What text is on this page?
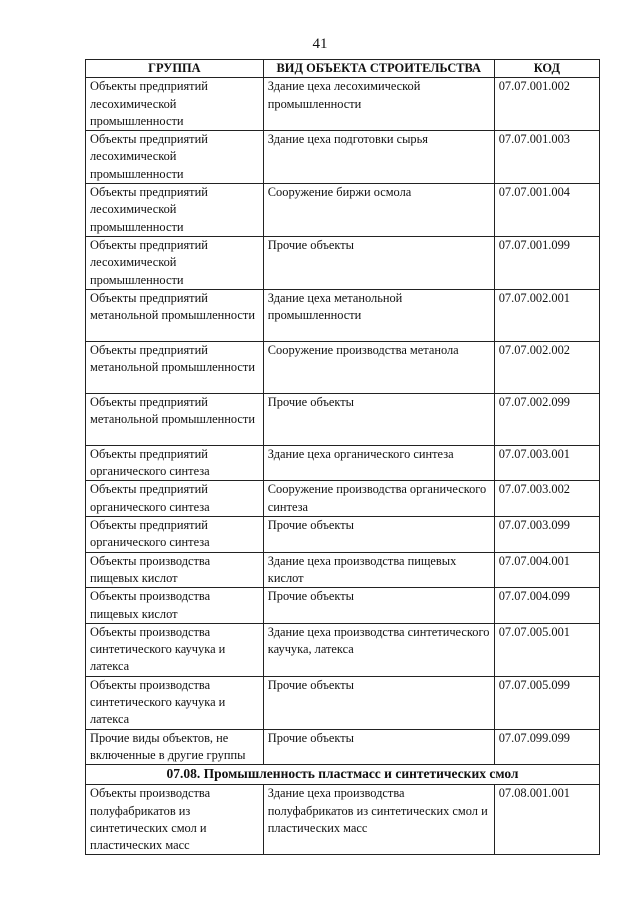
41
ГРУППА	ВИД ОБЪЕКТА СТРОИТЕЛЬСТВА	КОД
Объекты предприятий лесохимической промышленности	Здание цеха лесохимической промышленности	07.07.001.002
Объекты предприятий лесохимической промышленности	Здание цеха подготовки сырья	07.07.001.003
Объекты предприятий лесохимической промышленности	Сооружение биржи осмола	07.07.001.004
Объекты предприятий лесохимической промышленности	Прочие объекты	07.07.001.099
Объекты предприятий метанольной промышленности	Здание цеха метанольной промышленности	07.07.002.001
Объекты предприятий метанольной промышленности	Сооружение производства метанола	07.07.002.002
Объекты предприятий метанольной промышленности	Прочие объекты	07.07.002.099
Объекты предприятий органического синтеза	Здание цеха органического синтеза	07.07.003.001
Объекты предприятий органического синтеза	Сооружение производства органического синтеза	07.07.003.002
Объекты предприятий органического синтеза	Прочие объекты	07.07.003.099
Объекты производства пищевых кислот	Здание цеха производства пищевых кислот	07.07.004.001
Объекты производства пищевых кислот	Прочие объекты	07.07.004.099
Объекты производства синтетического каучука и латекса	Здание цеха производства синтетического каучука, латекса	07.07.005.001
Объекты производства синтетического каучука и латекса	Прочие объекты	07.07.005.099
Прочие виды объектов, не включенные в другие группы	Прочие объекты	07.07.099.099
07.08. Промышленность пластмасс и синтетических смол		
Объекты производства полуфабрикатов из синтетических смол и пластических масс	Здание цеха производства полуфабрикатов из синтетических смол и пластических масс	07.08.001.001
